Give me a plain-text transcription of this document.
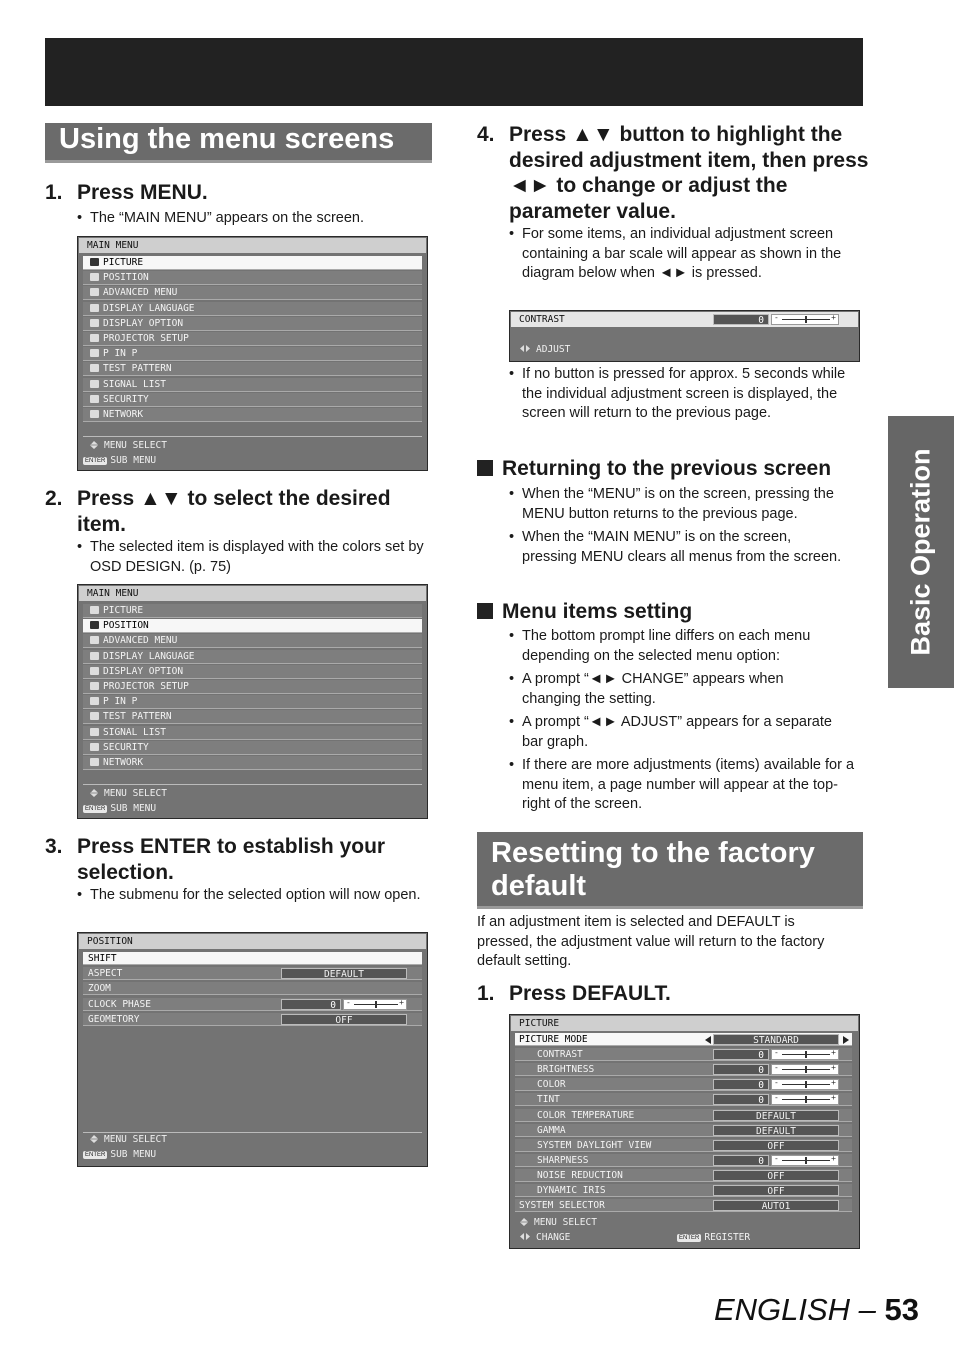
Using the menu screens
1. Press MENU.
• The “MAIN MENU” appears on the screen.
MAIN MENU
PICTURE
POSITION
ADVANCED MENU
DISPLAY LANGUAGE
DISPLAY OPTION
PROJECTOR SETUP
P IN P
TEST PATTERN
SIGNAL LIST
SECURITY
NETWORK
MENU SELECT
ENTER SUB MENU
2. Press ▲▼ to select the desired item.
• The selected item is displayed with the colors set by OSD DESIGN. (p. 75)
MAIN MENU
PICTURE
POSITION
ADVANCED MENU
DISPLAY LANGUAGE
DISPLAY OPTION
PROJECTOR SETUP
P IN P
TEST PATTERN
SIGNAL LIST
SECURITY
NETWORK
MENU SELECT
ENTER SUB MENU
3. Press ENTER to establish your selection.
• The submenu for the selected option will now open.
POSITION
SHIFT
ASPECT	DEFAULT
ZOOM
CLOCK PHASE	0	-	+
GEOMETORY	OFF
MENU SELECT
ENTER SUB MENU
4. Press ▲▼ button to highlight the desired adjustment item, then press ◄► to change or adjust the parameter value.
• For some items, an individual adjustment screen containing a bar scale will appear as shown in the diagram below when ◄► is pressed.
CONTRAST	0	-	+
ADJUST
• If no button is pressed for approx. 5 seconds while the individual adjustment screen is displayed, the screen will return to the previous page.
Returning to the previous screen
• When the “MENU” is on the screen, pressing the MENU button returns to the previous page.
• When the “MAIN MENU” is on the screen, pressing MENU clears all menus from the screen.
Menu items setting
• The bottom prompt line differs on each menu depending on the selected menu option:
• A prompt “◄► CHANGE” appears when changing the setting.
• A prompt “◄► ADJUST” appears for a separate bar graph.
• If there are more adjustments (items) available for a menu item, a page number will appear at the top-right of the screen.
Resetting to the factory default
If an adjustment item is selected and DEFAULT is pressed, the adjustment value will return to the factory default setting.
1. Press DEFAULT.
PICTURE
PICTURE MODE	STANDARD
CONTRAST	0	-	+
BRIGHTNESS	0	-	+
COLOR	0	-	+
TINT	0	-	+
COLOR TEMPERATURE	DEFAULT
GAMMA	DEFAULT
SYSTEM DAYLIGHT VIEW	OFF
SHARPNESS	0	-	+
NOISE REDUCTION	OFF
DYNAMIC IRIS	OFF
SYSTEM SELECTOR	AUTO1
MENU SELECT
CHANGE	ENTER REGISTER
Basic Operation
ENGLISH – 53
